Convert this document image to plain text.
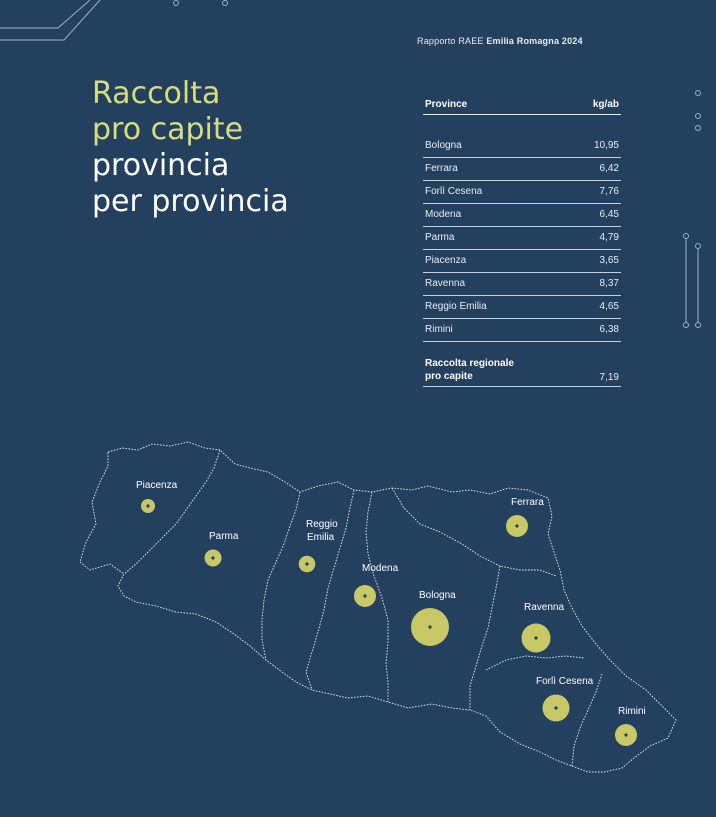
Rapporto RAEE Emilia Romagna 2024
Raccolta
pro capite
provincia
per provincia
Province	kg/ab
Bologna	10,95
Ferrara	6,42
Forlì Cesena	7,76
Modena	6,45
Parma	4,79
Piacenza	3,65
Ravenna	8,37
Reggio Emilia	4,65
Rimini	6,38
Raccolta regionale
pro capite	7,19
Piacenza
Parma
Reggio
Emilia
Modena
Bologna
Ferrara
Ravenna
Forlì Cesena
Rimini
